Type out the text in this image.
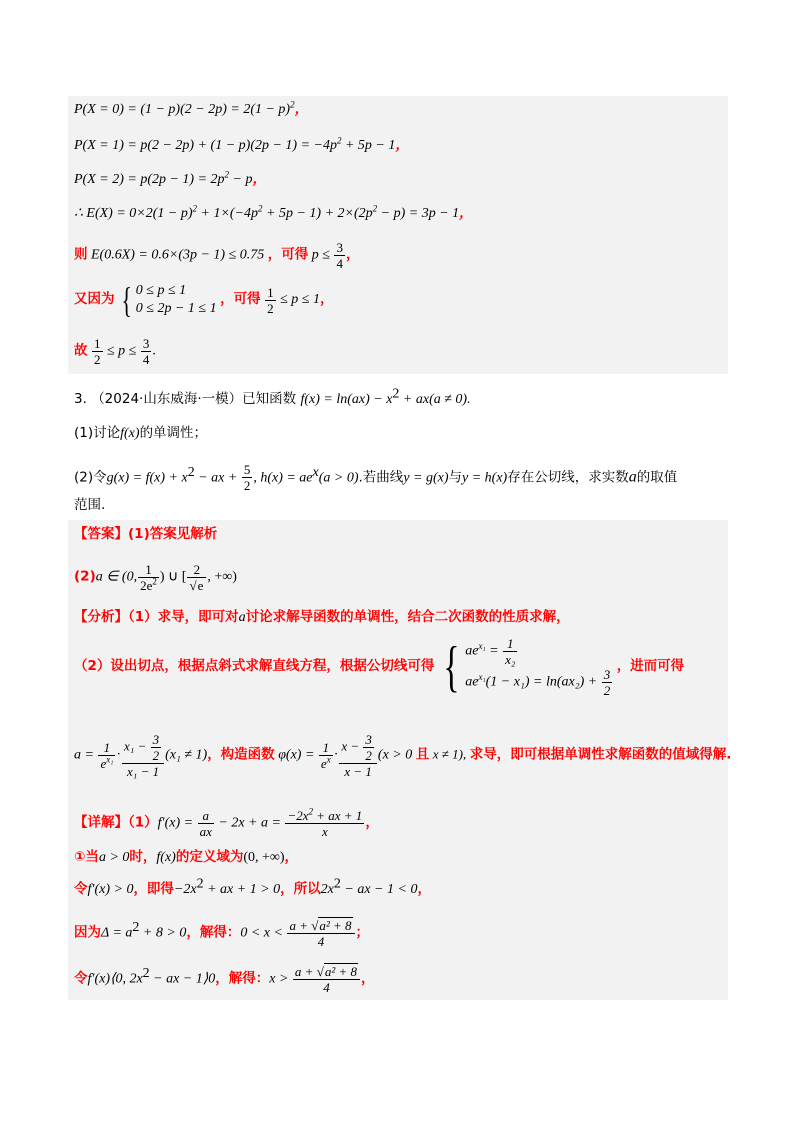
$P(X = 0) = (1 - p)(2 - 2p) = 2(1 - p)^2$，
$P(X = 1) = p(2 - 2p) + (1 - p)(2p - 1) = -4p^2 + 5p - 1$，
$P(X = 2) = p(2p - 1) = 2p^2 - p$，
∴ $E(X) = 0\times 2(1 - p)^2 + 1\times(-4p^2 + 5p - 1) + 2\times(2p^2 - p) = 3p - 1$，
则 E(0.6X) = 0.6×(3p − 1) ≤ 0.75 ，可得 $p \le \frac{3}{4}$ ，
又因为 { 0 ≤ p ≤ 1
0 ≤ 2p − 1 ≤ 1
，可得 $\frac{1}{2} \le p \le 1$，
故 $\frac{1}{2} \le p \le \frac{3}{4}$ .
3. （2024·山东威海·一模）已知函数 $f(x) = \ln(ax) - x^2 + ax(a \ne 0)$.
(1)讨论f(x)的单调性；
(2)令$g(x) = f(x) + x^2$ − ax + $\frac{5}{2}$ , $h(x) = ae^x(a > 0)$.若曲线y = g(x)与y = h(x)存在公切线，求实数a的取值
范围.
【答案】(1)答案见解析
(2)a ∈ (0, $\frac{1}{2e^2}$ ) ∪ [ $\frac{2}{√e}$ , +∞)
【分析】（1）求导，即可对a讨论求解导函数的单调性，结合二次函数的性质求解，
（2）设出切点，根据点斜式求解直线方程，根据公切线可得 { $ae^{x_1} = \frac{1}{\text{x₂}}$
$ae^{x_1}(1 - x_1) = \ln(ax_2) + \frac{3}{2}$
，进而可得
$a = \frac{1}{e^{x_1}} \cdot \frac{x_1 - \frac{3}{2}}{\text{x₁ − 1}} (x_1 \ne 1)$，构造函数 $\varphi(x) = \frac{1}{e^x} \cdot \frac{x - \frac{3}{2}}{x - 1} (x > 0$ 且 x ≠ 1), 求导，即可根据单调性求解函数的值域得解.
【详解】$(1)f'(x) = \frac{a}{ax} - 2x + a = \frac{-2x^2 + ax + 1}{x}$ ，
①当a > 0时，f(x)的定义域为(0, +∞)，
令f′(x) > 0，即得$-2x^2$ + ax + 1 > 0，所以$2x^2$ − ax − 1 < 0，
因为$\Delta = a^2 + 8 > 0$，解得：$0 < x < \frac{\text{a + √a² + 8}}{4}$ ；
令f′(x)⟨0, $2x^2$ − ax − 1⟩0，解得：$x > \frac{\text{a + √a² + 8}}{4}$ ，
